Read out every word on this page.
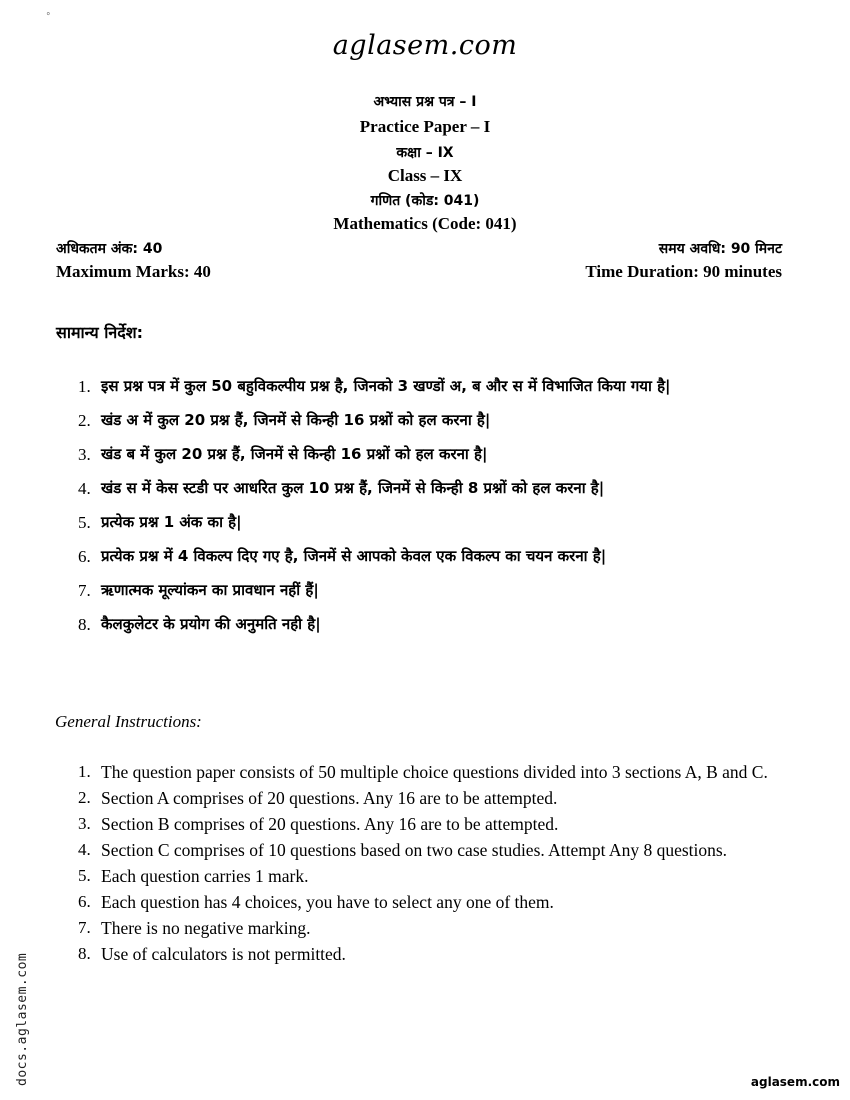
°
aglasem.com
अभ्यास प्रश्न पत्र – I
Practice Paper – I
कक्षा – IX
Class – IX
गणित (कोड: 041)
Mathematics (Code: 041)
अधिकतम अंक: 40
Maximum Marks: 40
समय अवधि: 90 मिनट
Time Duration: 90 minutes
सामान्य निर्देश:
1. इस प्रश्न पत्र में कुल 50 बहुविकल्पीय प्रश्न है, जिनको 3 खण्डों अ, ब और स में विभाजित किया गया है|
2. खंड अ में कुल 20 प्रश्न हैं, जिनमें से किन्ही 16 प्रश्नों को हल करना है|
3. खंड ब में कुल 20 प्रश्न हैं, जिनमें से किन्ही 16 प्रश्नों को हल करना है|
4. खंड स में केस स्टडी पर आधरित कुल 10 प्रश्न हैं, जिनमें से किन्ही 8 प्रश्नों को हल करना है|
5. प्रत्येक प्रश्न 1 अंक का है|
6. प्रत्येक प्रश्न में 4 विकल्प दिए गए है, जिनमें से आपको केवल एक विकल्प का चयन करना है|
7. ऋणात्मक मूल्यांकन का प्रावधान नहीं हैं|
8. कैलकुलेटर के प्रयोग की अनुमति नही है|
General Instructions:
1. The question paper consists of 50 multiple choice questions divided into 3 sections A, B and C.
2. Section A comprises of 20 questions. Any 16 are to be attempted.
3. Section B comprises of 20 questions. Any 16 are to be attempted.
4. Section C comprises of 10 questions based on two case studies. Attempt Any 8 questions.
5. Each question carries 1 mark.
6. Each question has 4 choices, you have to select any one of them.
7. There is no negative marking.
8. Use of calculators is not permitted.
docs.aglasem.com	aglasem.com
